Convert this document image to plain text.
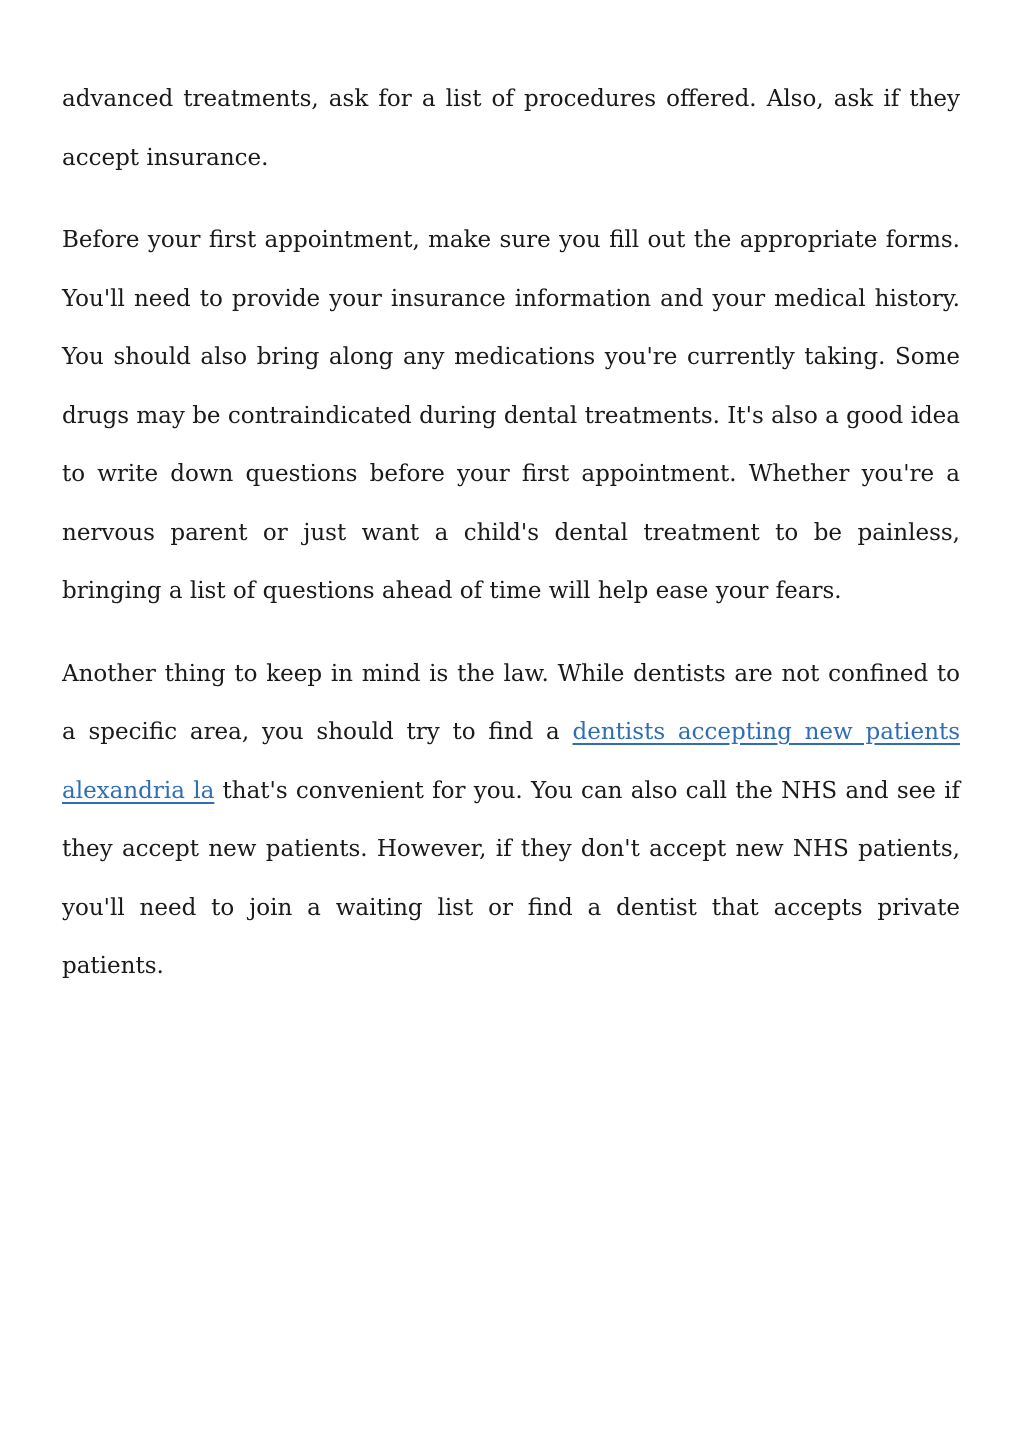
advanced treatments, ask for a list of procedures offered. Also, ask if they accept insurance.

Before your first appointment, make sure you fill out the appropriate forms. You'll need to provide your insurance information and your medical history. You should also bring along any medications you're currently taking. Some drugs may be contraindicated during dental treatments. It's also a good idea to write down questions before your first appointment. Whether you're a nervous parent or just want a child's dental treatment to be painless, bringing a list of questions ahead of time will help ease your fears.

Another thing to keep in mind is the law. While dentists are not confined to a specific area, you should try to find a dentists accepting new patients alexandria la that's convenient for you. You can also call the NHS and see if they accept new patients. However, if they don't accept new NHS patients, you'll need to join a waiting list or find a dentist that accepts private patients.
